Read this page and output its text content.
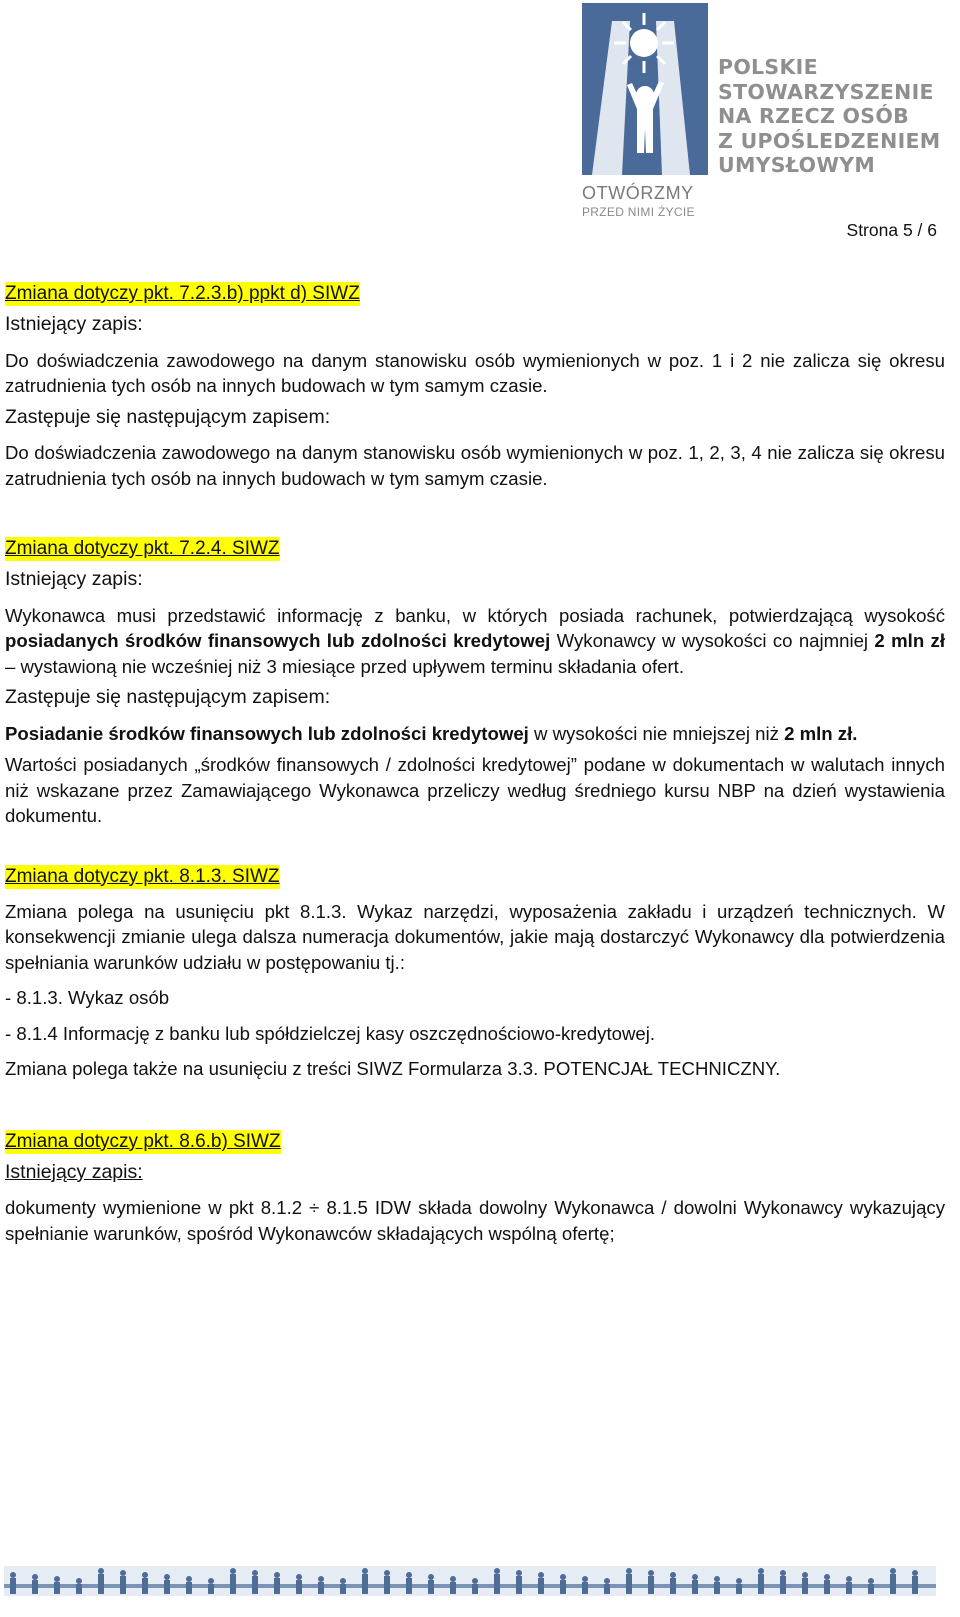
POLSKIE
STOWARZYSZENIE
NA RZECZ OSÓB
Z UPOŚLEDZENIEM
UMYSŁOWYM
OTWÓRZMY
PRZED NIMI ŻYCIE
Strona 5 / 6
Zmiana dotyczy pkt. 7.2.3.b) ppkt d) SIWZ
Istniejący zapis:

Do doświadczenia zawodowego na danym stanowisku osób wymienionych w poz. 1 i 2 nie zalicza się okresu zatrudnienia tych osób na innych budowach w tym samym czasie.

Zastępuje się następującym zapisem:

Do doświadczenia zawodowego na danym stanowisku osób wymienionych w poz. 1, 2, 3, 4 nie zalicza się okresu zatrudnienia tych osób na innych budowach w tym samym czasie.

Zmiana dotyczy pkt. 7.2.4. SIWZ
Istniejący zapis:

Wykonawca musi przedstawić informację z banku, w których posiada rachunek, potwierdzającą wysokość posiadanych środków finansowych lub zdolności kredytowej Wykonawcy w wysokości co najmniej 2 mln zł – wystawioną nie wcześniej niż 3 miesiące przed upływem terminu składania ofert.

Zastępuje się następującym zapisem:

Posiadanie środków finansowych lub zdolności kredytowej w wysokości nie mniejszej niż 2 mln zł.

Wartości posiadanych „środków finansowych / zdolności kredytowej” podane w dokumentach w walutach innych niż wskazane przez Zamawiającego Wykonawca przeliczy według średniego kursu NBP na dzień wystawienia dokumentu.

Zmiana dotyczy pkt. 8.1.3. SIWZ

Zmiana polega na usunięciu pkt 8.1.3. Wykaz narzędzi, wyposażenia zakładu i urządzeń technicznych. W konsekwencji zmianie ulega dalsza numeracja dokumentów, jakie mają dostarczyć Wykonawcy dla potwierdzenia spełniania warunków udziału w postępowaniu tj.:

- 8.1.3. Wykaz osób

- 8.1.4 Informację z banku lub spółdzielczej kasy oszczędnościowo-kredytowej.

Zmiana polega także na usunięciu z treści SIWZ Formularza 3.3. POTENCJAŁ TECHNICZNY.

Zmiana dotyczy pkt. 8.6.b) SIWZ
Istniejący zapis:

dokumenty wymienione w pkt 8.1.2 ÷ 8.1.5 IDW składa dowolny Wykonawca / dowolni Wykonawcy wykazujący spełnianie warunków, spośród Wykonawców składających wspólną ofertę;
